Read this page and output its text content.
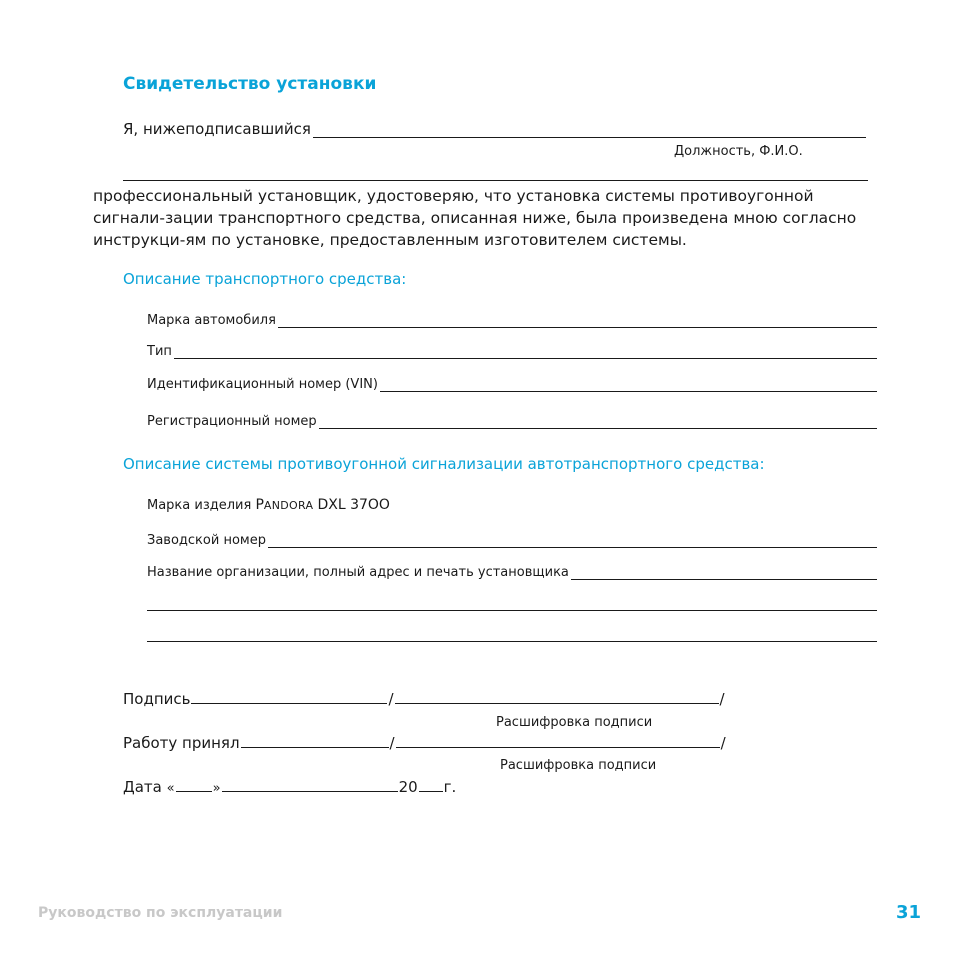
Свидетельство установки
Я, нижеподписавшийся
Должность, Ф.И.О.
профессиональный установщик, удостоверяю, что установка системы противоугонной сигнали-зации транспортного средства, описанная ниже, была произведена мною согласно инструкци-ям по установке, предоставленным изготовителем системы.
Описание транспортного средства:
Марка автомобиля
Тип
Идентификационный номер (VIN)
Регистрационный номер
Описание системы противоугонной сигнализации автотранспортного средства:
Марка изделия PANDORA DXL 37OO
Заводской номер
Название организации, полный адрес и печать установщика
Подпись	/	/
Расшифровка подписи
Работу принял	/	/
Расшифровка подписи
Дата «	»	20 г.
Руководство по эксплуатации	31
